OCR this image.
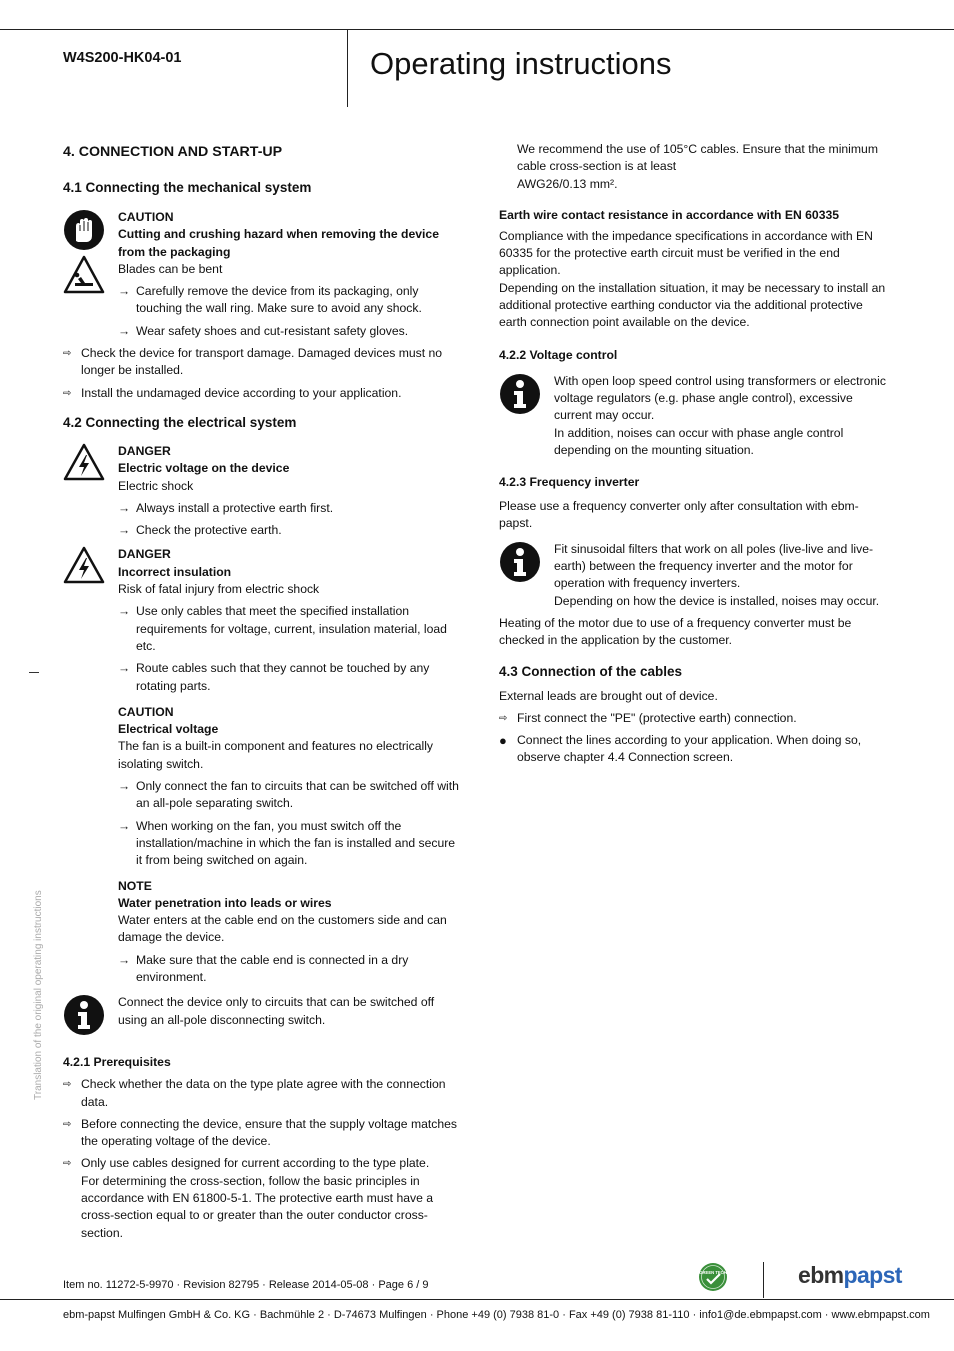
W4S200-HK04-01	Operating instructions
Translation of the original operating instructions
4. CONNECTION AND START-UP
4.1 Connecting the mechanical system

CAUTION

Cutting and crushing hazard when removing the device from the packaging

Blades can be bent

→ Carefully remove the device from its packaging, only touching the wall ring. Make sure to avoid any shock.
→ Wear safety shoes and cut-resistant safety gloves.
⇨ Check the device for transport damage. Damaged devices must no longer be installed.
⇨ Install the undamaged device according to your application.
4.2 Connecting the electrical system

DANGER

Electric voltage on the device

Electric shock

→ Always install a protective earth first.
→ Check the protective earth.

DANGER

Incorrect insulation

Risk of fatal injury from electric shock

→ Use only cables that meet the specified installation requirements for voltage, current, insulation material, load etc.
→ Route cables such that they cannot be touched by any rotating parts.

CAUTION

Electrical voltage

The fan is a built-in component and features no electrically isolating switch.

→ Only connect the fan to circuits that can be switched off with an all-pole separating switch.
→ When working on the fan, you must switch off the installation/machine in which the fan is installed and secure it from being switched on again.

NOTE

Water penetration into leads or wires

Water enters at the cable end on the customers side and can damage the device.

→ Make sure that the cable end is connected in a dry environment.

Connect the device only to circuits that can be switched off using an all-pole disconnecting switch.

4.2.1 Prerequisites
⇨ Check whether the data on the type plate agree with the connection data.
⇨ Before connecting the device, ensure that the supply voltage matches the operating voltage of the device.
⇨ Only use cables designed for current according to the type plate.
For determining the cross-section, follow the basic principles in accordance with EN 61800-5-1. The protective earth must have a cross-section equal to or greater than the outer conductor cross-section.

We recommend the use of 105°C cables. Ensure that the minimum cable cross-section is at least

AWG26/0.13 mm².

Earth wire contact resistance in accordance with EN 60335

Compliance with the impedance specifications in accordance with EN 60335 for the protective earth circuit must be verified in the end application.

Depending on the installation situation, it may be necessary to install an additional protective earthing conductor via the additional protective earth connection point available on the device.

4.2.2 Voltage control

With open loop speed control using transformers or electronic voltage regulators (e.g. phase angle control), excessive current may occur.

In addition, noises can occur with phase angle control depending on the mounting situation.

4.2.3 Frequency inverter

Please use a frequency converter only after consultation with ebm-papst.

Fit sinusoidal filters that work on all poles (live-live and live-earth) between the frequency inverter and the motor for operation with frequency inverters.

Depending on how the device is installed, noises may occur.

Heating of the motor due to use of a frequency converter must be checked in the application by the customer.

4.3 Connection of the cables

External leads are brought out of device.

⇨ First connect the "PE" (protective earth) connection.
● Connect the lines according to your application. When doing so, observe chapter 4.4 Connection screen.
Item no. 11272-5-9970 · Revision 82795 · Release 2014-05-08 · Page 6 / 9
GREEN TECH	ebmpapst
ebm-papst Mulfingen GmbH & Co. KG · Bachmühle 2 · D-74673 Mulfingen · Phone +49 (0) 7938 81-0 · Fax +49 (0) 7938 81-110 · info1@de.ebmpapst.com · www.ebmpapst.com
